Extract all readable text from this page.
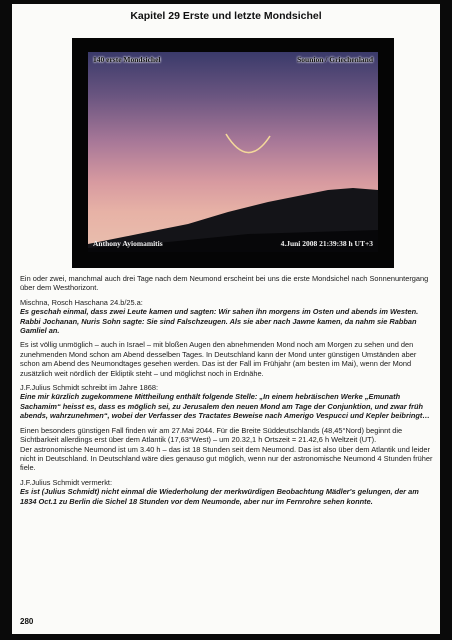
Kapitel 29 Erste und letzte Mondsichel
140 erste Mondsichel	Sounion / Griechenland
Anthony Ayiomamitis	4.Juni 2008 21:39:38 h UT+3

Ein oder zwei, manchmal auch drei Tage nach dem Neumond erscheint bei uns die erste Mondsichel nach Sonnenuntergang über dem Westhorizont.

Mischna, Rosch Haschana 24.b/25.a:
Es geschah einmal, dass zwei Leute kamen und sagten: Wir sahen ihn morgens im Osten und abends im Westen. Rabbi Jochanan, Nuris Sohn sagte: Sie sind Falschzeugen. Als sie aber nach Jawne kamen, da nahm sie Rabban Gamliel an.

Es ist völlig unmöglich – auch in Israel – mit bloßen Augen den abnehmenden Mond noch am Morgen zu sehen und den zunehmenden Mond schon am Abend desselben Tages. In Deutschland kann der Mond unter günstigen Umständen aber schon am Abend des Neumondtages gesehen werden. Das ist der Fall im Frühjahr (am besten im Mai), wenn der Mond zusätzlich weit nördlich der Ekliptik steht – und möglichst noch in Erdnähe.

J.F.Julius Schmidt schreibt im Jahre 1868:
Eine mir kürzlich zugekommene Mittheilung enthält folgende Stelle: „In einem hebräischen Werke „Emunath Sachamim“ heisst es, dass es möglich sei, zu Jerusalem den neuen Mond am Tage der Conjunktion, und zwar früh abends, wahrzunehmen“, wobei der Verfasser des Tractates Beweise nach Amerigo Vespucci und Kepler beibringt…

Einen besonders günstigen Fall finden wir am 27.Mai 2044. Für die Breite Süddeutschlands (48,45°Nord) beginnt die Sichtbarkeit allerdings erst über dem Atlantik (17,63°West) – um 20.32,1 h Ortszeit = 21.42,6 h Weltzeit (UT).
Der astronomische Neumond ist um 3.40 h – das ist 18 Stunden seit dem Neumond. Das ist also über dem Atlantik und leider nicht in Deutschland. In Deutschland wäre dies genauso gut möglich, wenn nur der astronomische Neumond 4 Stunden früher fiele.

J.F.Julius Schmidt vermerkt:
Es ist (Julius Schmidt) nicht einmal die Wiederholung der merkwürdigen Beobachtung Mädler's gelungen, der am 1834 Oct.1 zu Berlin die Sichel 18 Stunden vor dem Neumonde, aber nur im Fernrohre sehen konnte.

280
